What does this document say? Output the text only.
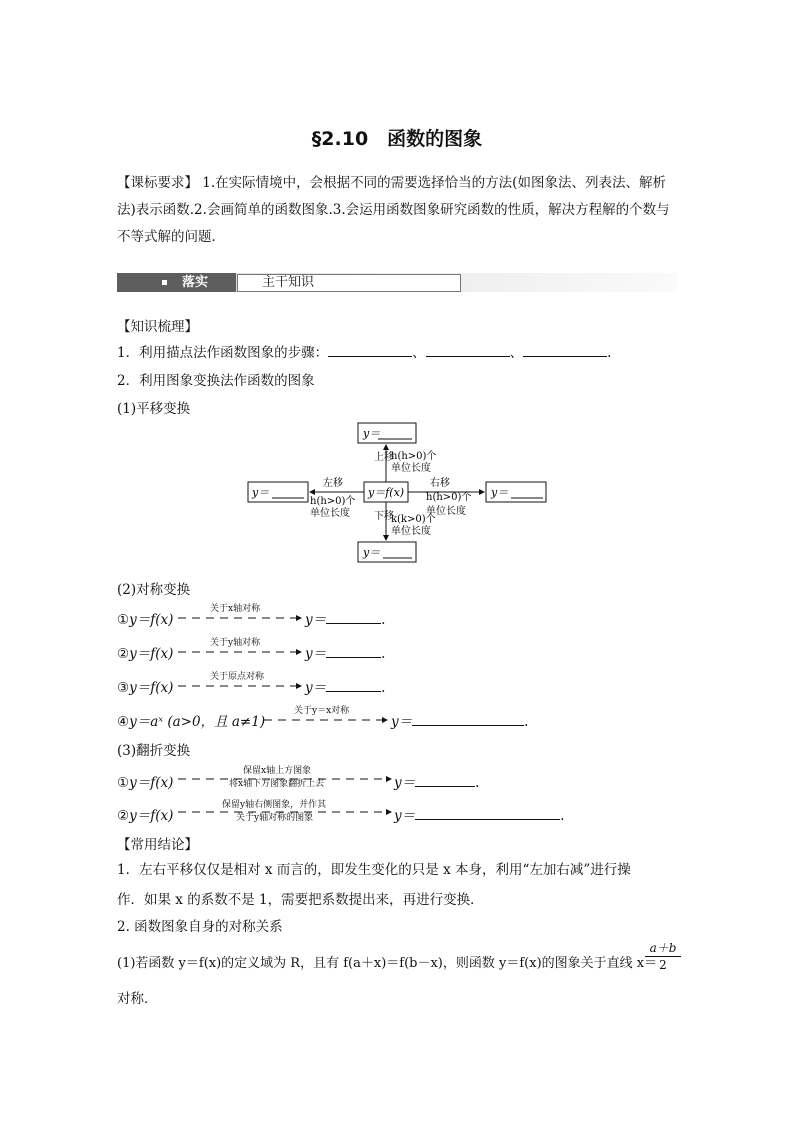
§2.10　函数的图象
【课标要求】 1.在实际情境中，会根据不同的需要选择恰当的方法(如图象法、列表法、解析
法)表示函数.2.会画简单的函数图象.3.会运用函数图象研究函数的性质，解决方程解的个数与
不等式解的问题．
落实	主干知识
【知识梳理】
1．利用描点法作函数图象的步骤：	、	、	.
2．利用图象变换法作函数的图象
(1)平移变换
y＝
y＝	y＝f(x)	y＝
y＝
上移
h(h>0)个
单位长度
下移
k(k>0)个
单位长度
左移
h(h>0)个
单位长度
右移
h(h>0)个
单位长度
(2)对称变换
①y＝f(x)
关于x轴对称
y＝	.
②y＝f(x)
关于y轴对称
y＝	.
③y＝f(x)
关于原点对称
y＝	.
④y＝aˣ (a>0，且 a≠1)
关于y＝x对称
y＝	.
(3)翻折变换
①y＝f(x)
保留x轴上方图象
将x轴下方图象翻折上去	y＝	.
②y＝f(x)
保留y轴右侧图象，并作其
关于y轴对称的图象	y＝	.
【常用结论】
1．左右平移仅仅是相对 x 而言的，即发生变化的只是 x 本身，利用“左加右减”进行操
作．如果 x 的系数不是 1，需要把系数提出来，再进行变换．
2. 函数图象自身的对称关系
(1)若函数 y＝f(x)的定义域为 R，且有 f(a＋x)＝f(b－x)，则函数 y＝f(x)的图象关于直线 x＝
$\frac{a+b}{2}$
对称．
